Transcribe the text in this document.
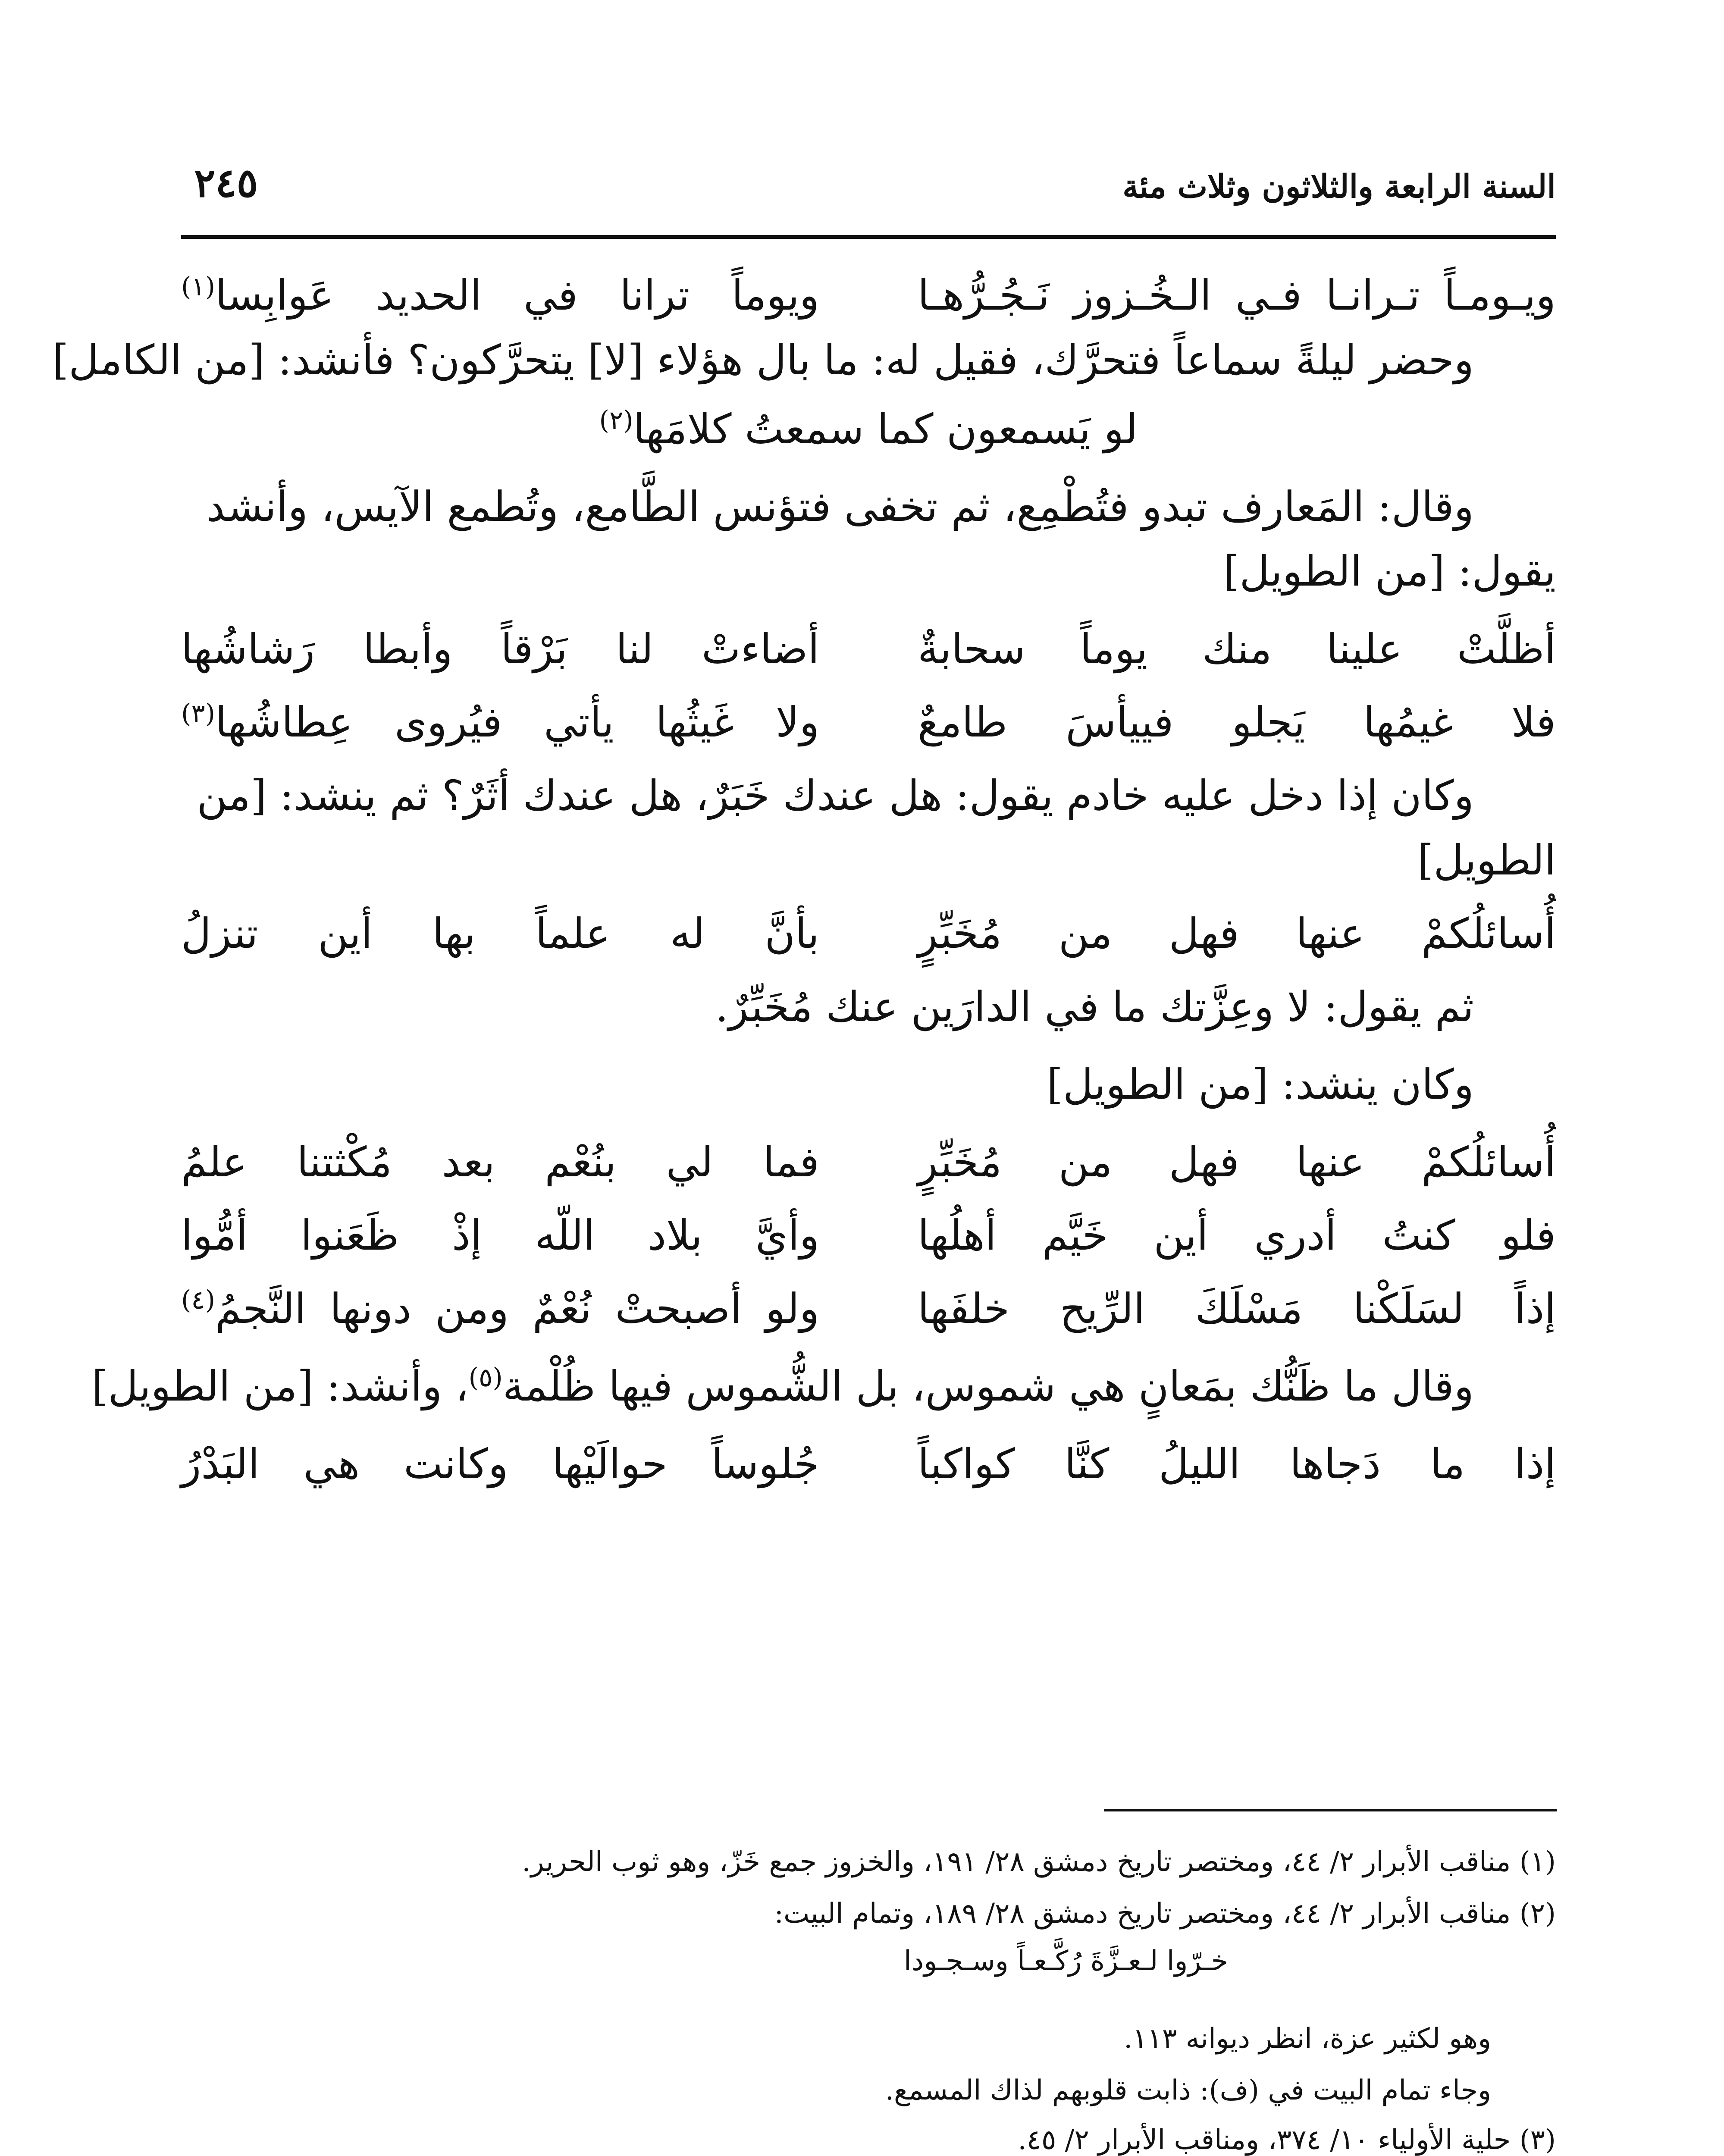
السنة الرابعة والثلاثون وثلاث مئة
٢٤٥
ويـومـاً تـرانـا فـي الـخُـزوز نَـجُـرُّهـا
ويوماً ترانا في الحديد عَوابِسا$^{(١)}$
وحضر ليلةً سماعاً فتحرَّك، فقيل له: ما بال هؤلاء [لا] يتحرَّكون؟ فأنشد: [من الكامل]
لو يَسمعون كما سمعتُ كلامَها$^{(٢)}$
وقال: المَعارف تبدو فتُطْمِع، ثم تخفى فتؤنس الطَّامع، وتُطمع الآيس، وأنشد
يقول: [من الطويل]
أظلَّتْ علينا منك يوماً سحابةٌ
أضاءتْ لنا بَرْقاً وأبطا رَشاشُها
فلا غيمُها يَجلو فييأسَ طامعٌ
ولا غَيثُها يأتي فيُروى عِطاشُها$^{(٣)}$
وكان إذا دخل عليه خادم يقول: هل عندك خَبَرٌ، هل عندك أثَرٌ؟ ثم ينشد: [من
الطويل]
أُسائلُكمْ عنها فهل من مُخَبِّرٍ
بأنَّ له علماً بها أين تنزلُ
ثم يقول: لا وعِزَّتك ما في الدارَين عنك مُخَبِّرٌ.
وكان ينشد: [من الطويل]
أُسائلُكمْ عنها فهل من مُخَبِّرٍ
فما لي بنُعْم بعد مُكْثتنا علمُ
فلو كنتُ أدري أين خَيَّم أهلُها
وأيَّ بلاد اللّه إذْ ظَعَنوا أمُّوا
إذاً لسَلَكْنا مَسْلَكَ الرِّيح خلفَها
ولو أصبحتْ نُعْمٌ ومن دونها النَّجمُ$^{(٤)}$
وقال ما ظَنُّك بمَعانٍ هي شموس، بل الشُّموس فيها ظُلْمة$^{(٥)}$، وأنشد: [من الطويل]
إذا ما دَجاها الليلُ كنَّا كواكباً
جُلوساً حوالَيْها وكانت هي البَدْرُ
(١) مناقب الأبرار ٢/ ٤٤، ومختصر تاريخ دمشق ٢٨/ ١٩١، والخزوز جمع خَزّ، وهو ثوب الحرير.
(٢) مناقب الأبرار ٢/ ٤٤، ومختصر تاريخ دمشق ٢٨/ ١٨٩، وتمام البيت:
خـرّوا لـعـزَّةَ رُكَّـعـاً وسـجـودا
وهو لكثير عزة، انظر ديوانه ١١٣.
وجاء تمام البيت في (ف): ذابت قلوبهم لذاك المسمع.
(٣) حلية الأولياء ١٠/ ٣٧٤، ومناقب الأبرار ٢/ ٤٥.
